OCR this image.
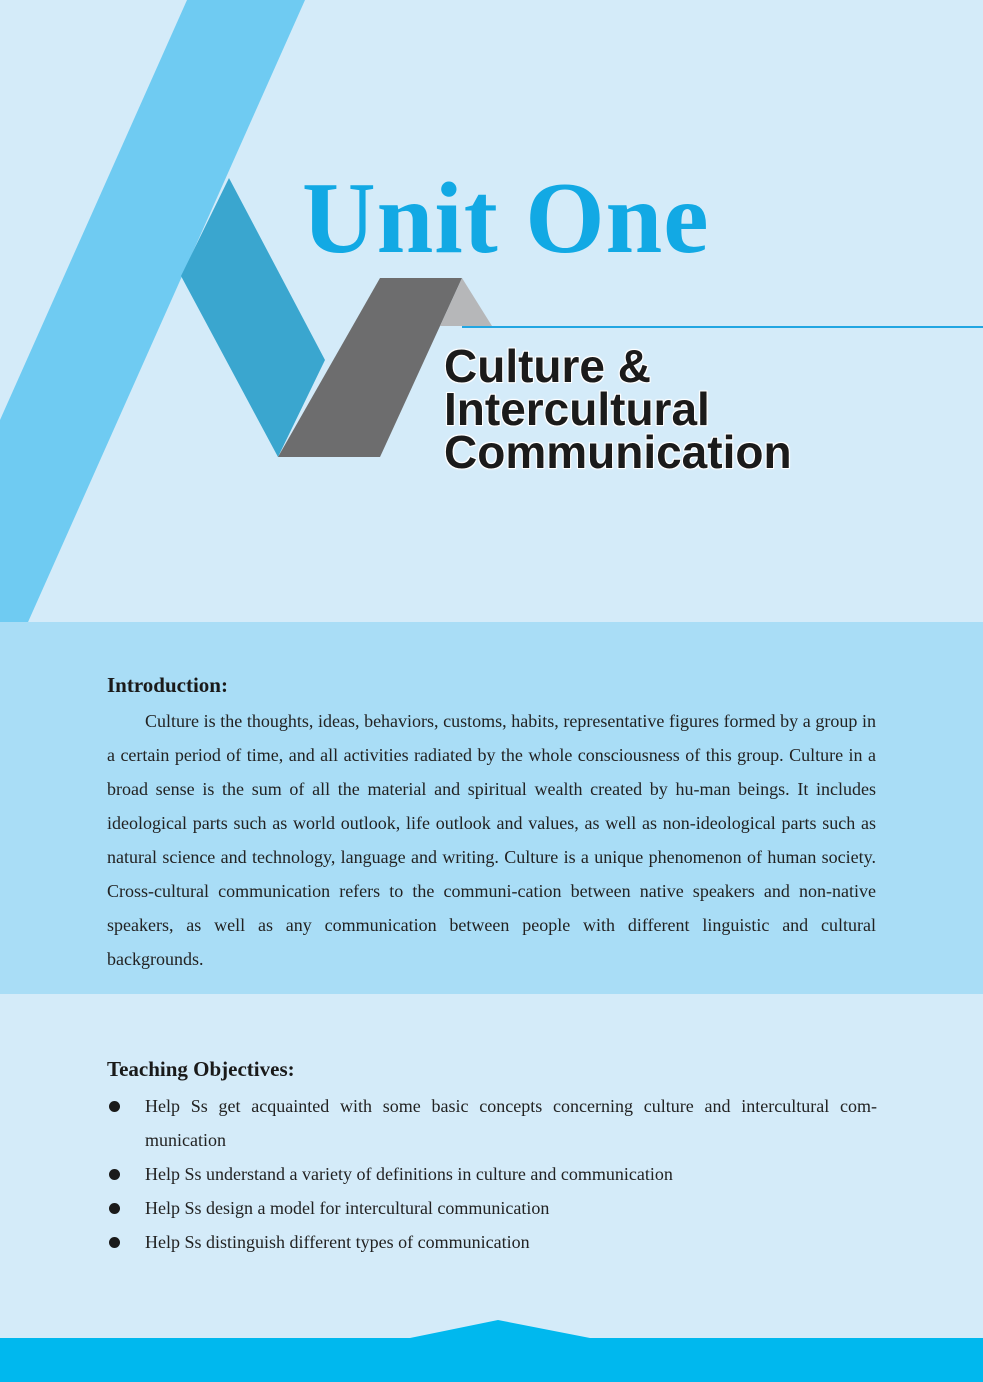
Unit One
Culture &
Intercultural
Communication
Introduction:

Culture is the thoughts, ideas, behaviors, customs, habits, representative figures formed by a group in a certain period of time, and all activities radiated by the whole consciousness of this group. Culture in a broad sense is the sum of all the material and spiritual wealth created by hu-man beings. It includes ideological parts such as world outlook, life outlook and values, as well as non-ideological parts such as natural science and technology, language and writing. Culture is a unique phenomenon of human society. Cross-cultural communication refers to the communi-cation between native speakers and non-native speakers, as well as any communication between people with different linguistic and cultural backgrounds.

Teaching Objectives:
Help Ss get acquainted with some basic concepts concerning culture and intercultural com-munication
Help Ss understand a variety of definitions in culture and communication
Help Ss design a model for intercultural communication
Help Ss distinguish different types of communication
